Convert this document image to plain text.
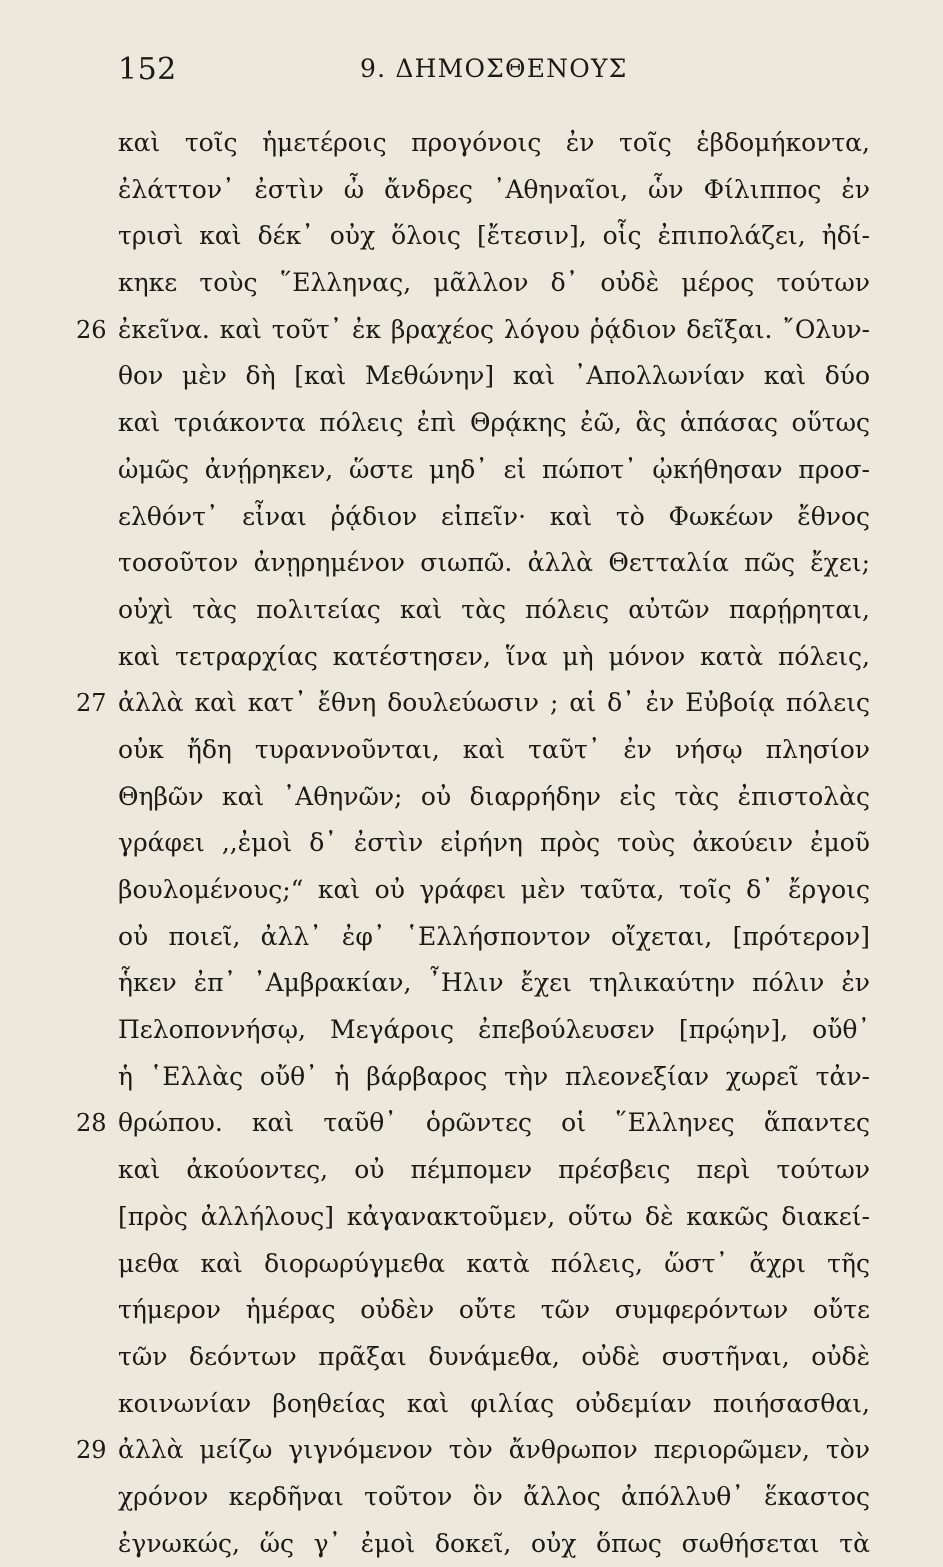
152	9. ΔΗΜΟΣΘΕΝΟΥΣ
καὶ τοῖς ἡμετέροις προγόνοις ἐν τοῖς ἑβδομήκοντα,
ἐλάττον᾽ ἐστὶν ὦ ἄνδρες ᾿Αθηναῖοι, ὧν Φίλιππος ἐν
τρισὶ καὶ δέκ᾽ οὐχ ὅλοις [ἔτεσιν], οἷς ἐπιπολάζει, ἠδί-
κηκε τοὺς ῞Ελληνας, μᾶλλον δ᾽ οὐδὲ μέρος τούτων
26 ἐκεῖνα. καὶ τοῦτ᾽ ἐκ βραχέος λόγου ῥᾴδιον δεῖξαι. ῎Ολυν-
θον μὲν δὴ [καὶ Μεθώνην] καὶ ᾿Απολλωνίαν καὶ δύο
καὶ τριάκοντα πόλεις ἐπὶ Θρᾴκης ἐῶ, ἃς ἁπάσας οὕτως
ὠμῶς ἀνῄρηκεν, ὥστε μηδ᾽ εἰ πώποτ᾽ ᾠκήθησαν προσ-
ελθόντ᾽ εἶναι ῥᾴδιον εἰπεῖν· καὶ τὸ Φωκέων ἔθνος
τοσοῦτον ἀνῃρημένον σιωπῶ. ἀλλὰ Θετταλία πῶς ἔχει;
οὐχὶ τὰς πολιτείας καὶ τὰς πόλεις αὐτῶν παρῄρηται,
καὶ τετραρχίας κατέστησεν, ἵνα μὴ μόνον κατὰ πόλεις,
27 ἀλλὰ καὶ κατ᾽ ἔθνη δουλεύωσιν ; αἱ δ᾽ ἐν Εὐβοίᾳ πόλεις
οὐκ ἤδη τυραννοῦνται, καὶ ταῦτ᾽ ἐν νήσῳ πλησίον
Θηβῶν καὶ ᾿Αθηνῶν; οὐ διαρρήδην εἰς τὰς ἐπιστολὰς
γράφει ,,ἐμοὶ δ᾽ ἐστὶν εἰρήνη πρὸς τοὺς ἀκούειν ἐμοῦ
βουλομένους;“ καὶ οὐ γράφει μὲν ταῦτα, τοῖς δ᾽ ἔργοις
οὐ ποιεῖ, ἀλλ᾽ ἐφ᾽ ῾Ελλήσποντον οἴχεται, [πρότερον]
ἧκεν ἐπ᾽ ᾿Αμβρακίαν, ῏Ηλιν ἔχει τηλικαύτην πόλιν ἐν
Πελοποννήσῳ, Μεγάροις ἐπεβούλευσεν [πρῴην], οὔθ᾽
ἡ ῾Ελλὰς οὔθ᾽ ἡ βάρβαρος τὴν πλεονεξίαν χωρεῖ τἀν-
28 θρώπου. καὶ ταῦθ᾽ ὁρῶντες οἱ ῞Ελληνες ἅπαντες
καὶ ἀκούοντες, οὐ πέμπομεν πρέσβεις περὶ τούτων
[πρὸς ἀλλήλους] κἀγανακτοῦμεν, οὕτω δὲ κακῶς διακεί-
μεθα καὶ διορωρύγμεθα κατὰ πόλεις, ὥστ᾽ ἄχρι τῆς
τήμερον ἡμέρας οὐδὲν οὔτε τῶν συμφερόντων οὔτε
τῶν δεόντων πρᾶξαι δυνάμεθα, οὐδὲ συστῆναι, οὐδὲ
κοινωνίαν βοηθείας καὶ φιλίας οὐδεμίαν ποιήσασθαι,
29 ἀλλὰ μείζω γιγνόμενον τὸν ἄνθρωπον περιορῶμεν, τὸν
χρόνον κερδῆναι τοῦτον ὃν ἄλλος ἀπόλλυθ᾽ ἕκαστος
ἐγνωκώς, ὥς γ᾽ ἐμοὶ δοκεῖ, οὐχ ὅπως σωθήσεται τὰ
